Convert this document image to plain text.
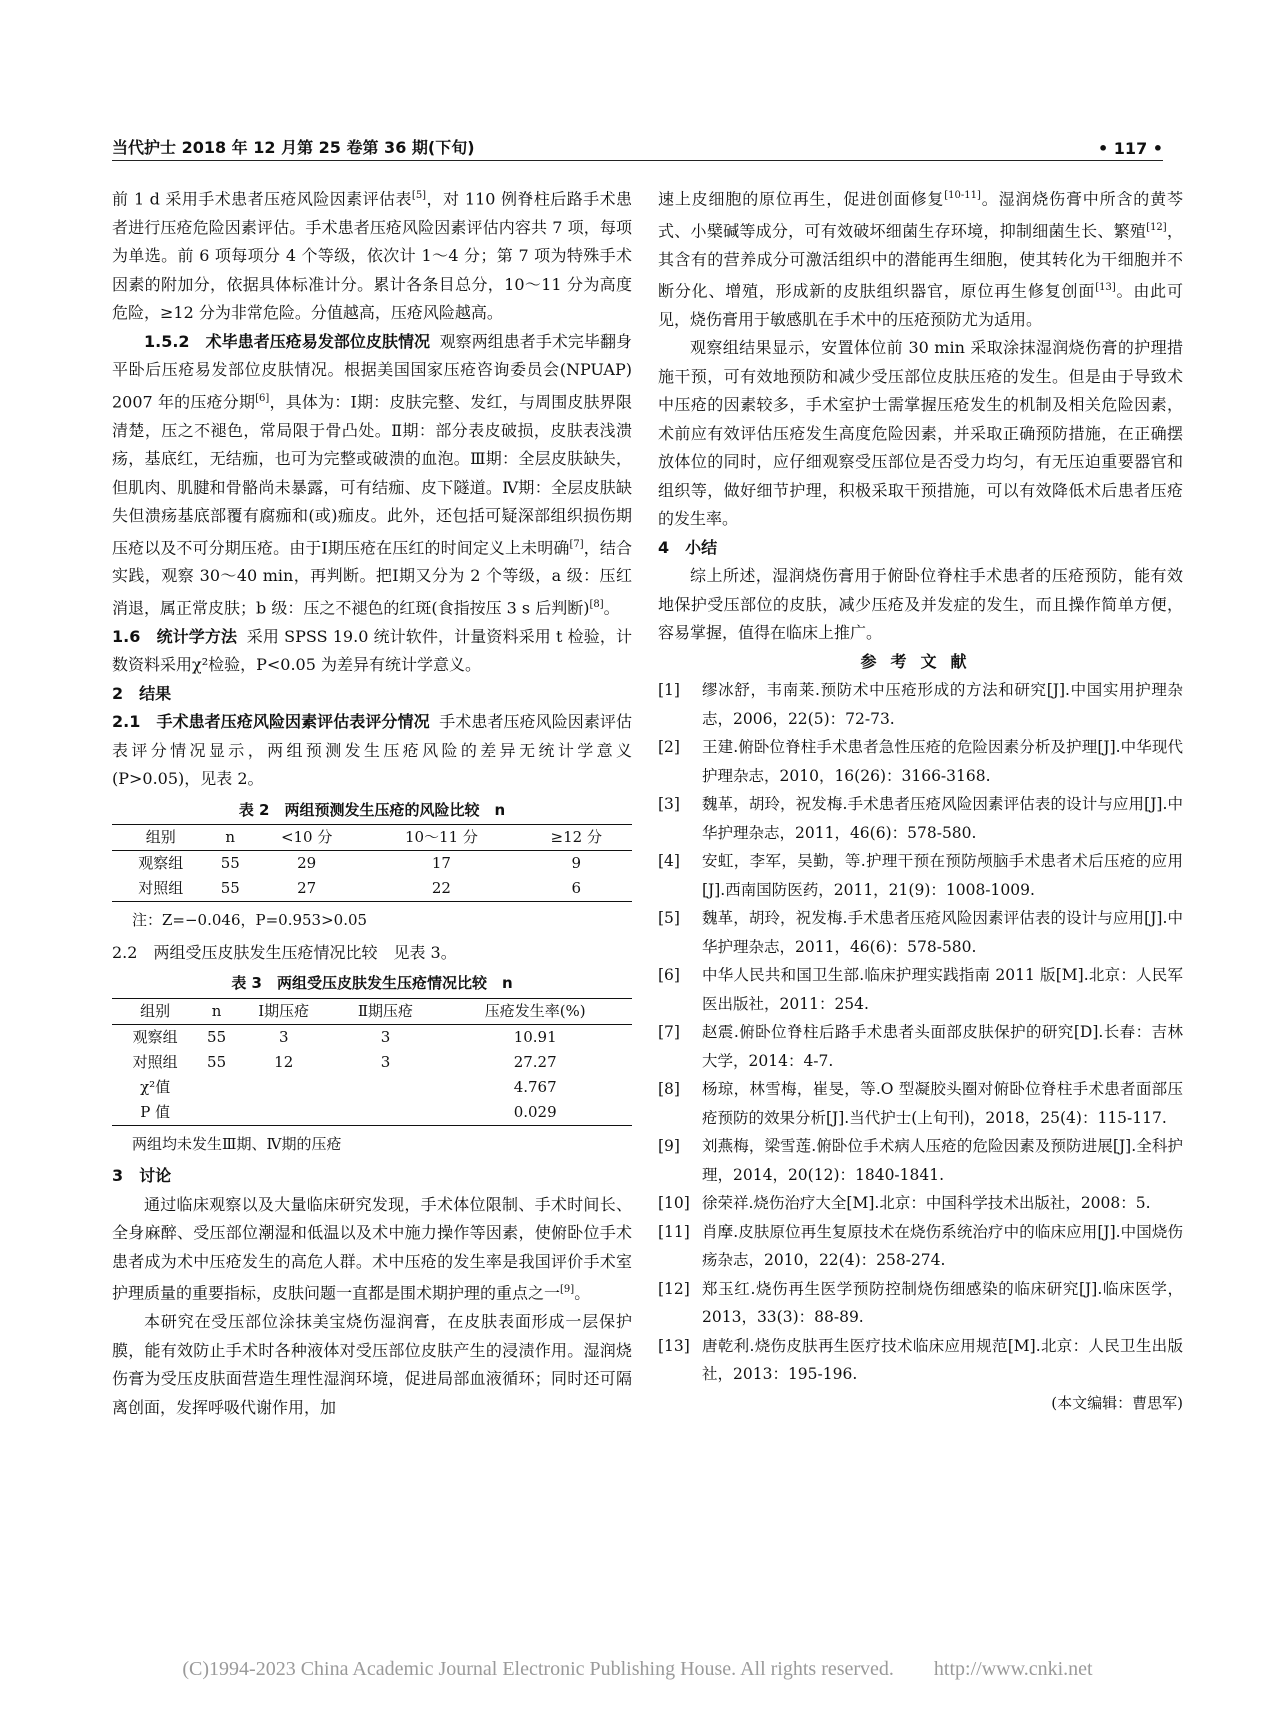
当代护士 2018 年 12 月第 25 卷第 36 期(下旬)	• 117 •

前 1 d 采用手术患者压疮风险因素评估表[5]，对 110 例脊柱后路手术患者进行压疮危险因素评估。手术患者压疮风险因素评估内容共 7 项，每项为单选。前 6 项每项分 4 个等级，依次计 1～4 分；第 7 项为特殊手术因素的附加分，依据具体标准计分。累计各条目总分，10～11 分为高度危险，≥12 分为非常危险。分值越高，压疮风险越高。

1.5.2　术毕患者压疮易发部位皮肤情况 观察两组患者手术完毕翻身平卧后压疮易发部位皮肤情况。根据美国国家压疮咨询委员会(NPUAP) 2007 年的压疮分期[6]，具体为：Ⅰ期：皮肤完整、发红，与周围皮肤界限清楚，压之不褪色，常局限于骨凸处。Ⅱ期：部分表皮破损，皮肤表浅溃疡，基底红，无结痂，也可为完整或破溃的血泡。Ⅲ期：全层皮肤缺失，但肌肉、肌腱和骨骼尚未暴露，可有结痂、皮下隧道。Ⅳ期：全层皮肤缺失但溃疡基底部覆有腐痂和(或)痂皮。此外，还包括可疑深部组织损伤期压疮以及不可分期压疮。由于Ⅰ期压疮在压红的时间定义上未明确[7]，结合实践，观察 30～40 min，再判断。把Ⅰ期又分为 2 个等级，a 级：压红消退，属正常皮肤；b 级：压之不褪色的红斑(食指按压 3 s 后判断)[8]。

1.6　统计学方法 采用 SPSS 19.0 统计软件，计量资料采用 t 检验，计数资料采用χ²检验，P<0.05 为差异有统计学意义。

2　结果

2.1　手术患者压疮风险因素评估表评分情况 手术患者压疮风险因素评估表评分情况显示，两组预测发生压疮风险的差异无统计学意义(P>0.05)，见表 2。

表 2　两组预测发生压疮的风险比较　n
组别	n	<10 分	10～11 分	≥12 分
观察组	55	29	17	9
对照组	55	27	22	6
注：Z=−0.046，P=0.953>0.05

2.2　两组受压皮肤发生压疮情况比较　见表 3。

表 3　两组受压皮肤发生压疮情况比较　n
组别	n	Ⅰ期压疮	Ⅱ期压疮	压疮发生率(%)
观察组	55	3	3	10.91
对照组	55	12	3	27.27
χ²值				4.767
P 值				0.029
两组均未发生Ⅲ期、Ⅳ期的压疮

3　讨论

通过临床观察以及大量临床研究发现，手术体位限制、手术时间长、全身麻醉、受压部位潮湿和低温以及术中施力操作等因素，使俯卧位手术患者成为术中压疮发生的高危人群。术中压疮的发生率是我国评价手术室护理质量的重要指标，皮肤问题一直都是围术期护理的重点之一[9]。

本研究在受压部位涂抹美宝烧伤湿润膏，在皮肤表面形成一层保护膜，能有效防止手术时各种液体对受压部位皮肤产生的浸渍作用。湿润烧伤膏为受压皮肤面营造生理性湿润环境，促进局部血液循环；同时还可隔离创面，发挥呼吸代谢作用，加

速上皮细胞的原位再生，促进创面修复[10-11]。湿润烧伤膏中所含的黄芩式、小檗碱等成分，可有效破坏细菌生存环境，抑制细菌生长、繁殖[12]，其含有的营养成分可激活组织中的潜能再生细胞，使其转化为干细胞并不断分化、增殖，形成新的皮肤组织器官，原位再生修复创面[13]。由此可见，烧伤膏用于敏感肌在手术中的压疮预防尤为适用。

观察组结果显示，安置体位前 30 min 采取涂抹湿润烧伤膏的护理措施干预，可有效地预防和减少受压部位皮肤压疮的发生。但是由于导致术中压疮的因素较多，手术室护士需掌握压疮发生的机制及相关危险因素，术前应有效评估压疮发生高度危险因素，并采取正确预防措施，在正确摆放体位的同时，应仔细观察受压部位是否受力均匀，有无压迫重要器官和组织等，做好细节护理，积极采取干预措施，可以有效降低术后患者压疮的发生率。

4　小结

综上所述，湿润烧伤膏用于俯卧位脊柱手术患者的压疮预防，能有效地保护受压部位的皮肤，减少压疮及并发症的发生，而且操作简单方便，容易掌握，值得在临床上推广。

参考文献
[1]	缪冰舒，韦南莱.预防术中压疮形成的方法和研究[J].中国实用护理杂志，2006，22(5)：72-73.
[2]	王建.俯卧位脊柱手术患者急性压疮的危险因素分析及护理[J].中华现代护理杂志，2010，16(26)：3166-3168.
[3]	魏革，胡玲，祝发梅.手术患者压疮风险因素评估表的设计与应用[J].中华护理杂志，2011，46(6)：578-580.
[4]	安虹，李军，吴勤，等.护理干预在预防颅脑手术患者术后压疮的应用[J].西南国防医药，2011，21(9)：1008-1009.
[5]	魏革，胡玲，祝发梅.手术患者压疮风险因素评估表的设计与应用[J].中华护理杂志，2011，46(6)：578-580.
[6]	中华人民共和国卫生部.临床护理实践指南 2011 版[M].北京：人民军医出版社，2011：254.
[7]	赵震.俯卧位脊柱后路手术患者头面部皮肤保护的研究[D].长春：吉林大学，2014：4-7.
[8]	杨琼，林雪梅，崔旻，等.O 型凝胶头圈对俯卧位脊柱手术患者面部压疮预防的效果分析[J].当代护士(上旬刊)，2018，25(4)：115-117.
[9]	刘燕梅，梁雪莲.俯卧位手术病人压疮的危险因素及预防进展[J].全科护理，2014，20(12)：1840-1841.
[10] 徐荣祥.烧伤治疗大全[M].北京：中国科学技术出版社，2008：5.
[11] 肖摩.皮肤原位再生复原技术在烧伤系统治疗中的临床应用[J].中国烧伤疡杂志，2010，22(4)：258-274.
[12] 郑玉红.烧伤再生医学预防控制烧伤细感染的临床研究[J].临床医学，2013，33(3)：88-89.
[13] 唐乾利.烧伤皮肤再生医疗技术临床应用规范[M].北京：人民卫生出版社，2013：195-196.
(本文编辑：曹思军)
(C)1994-2023 China Academic Journal Electronic Publishing House. All rights reserved.　　http://www.cnki.net
